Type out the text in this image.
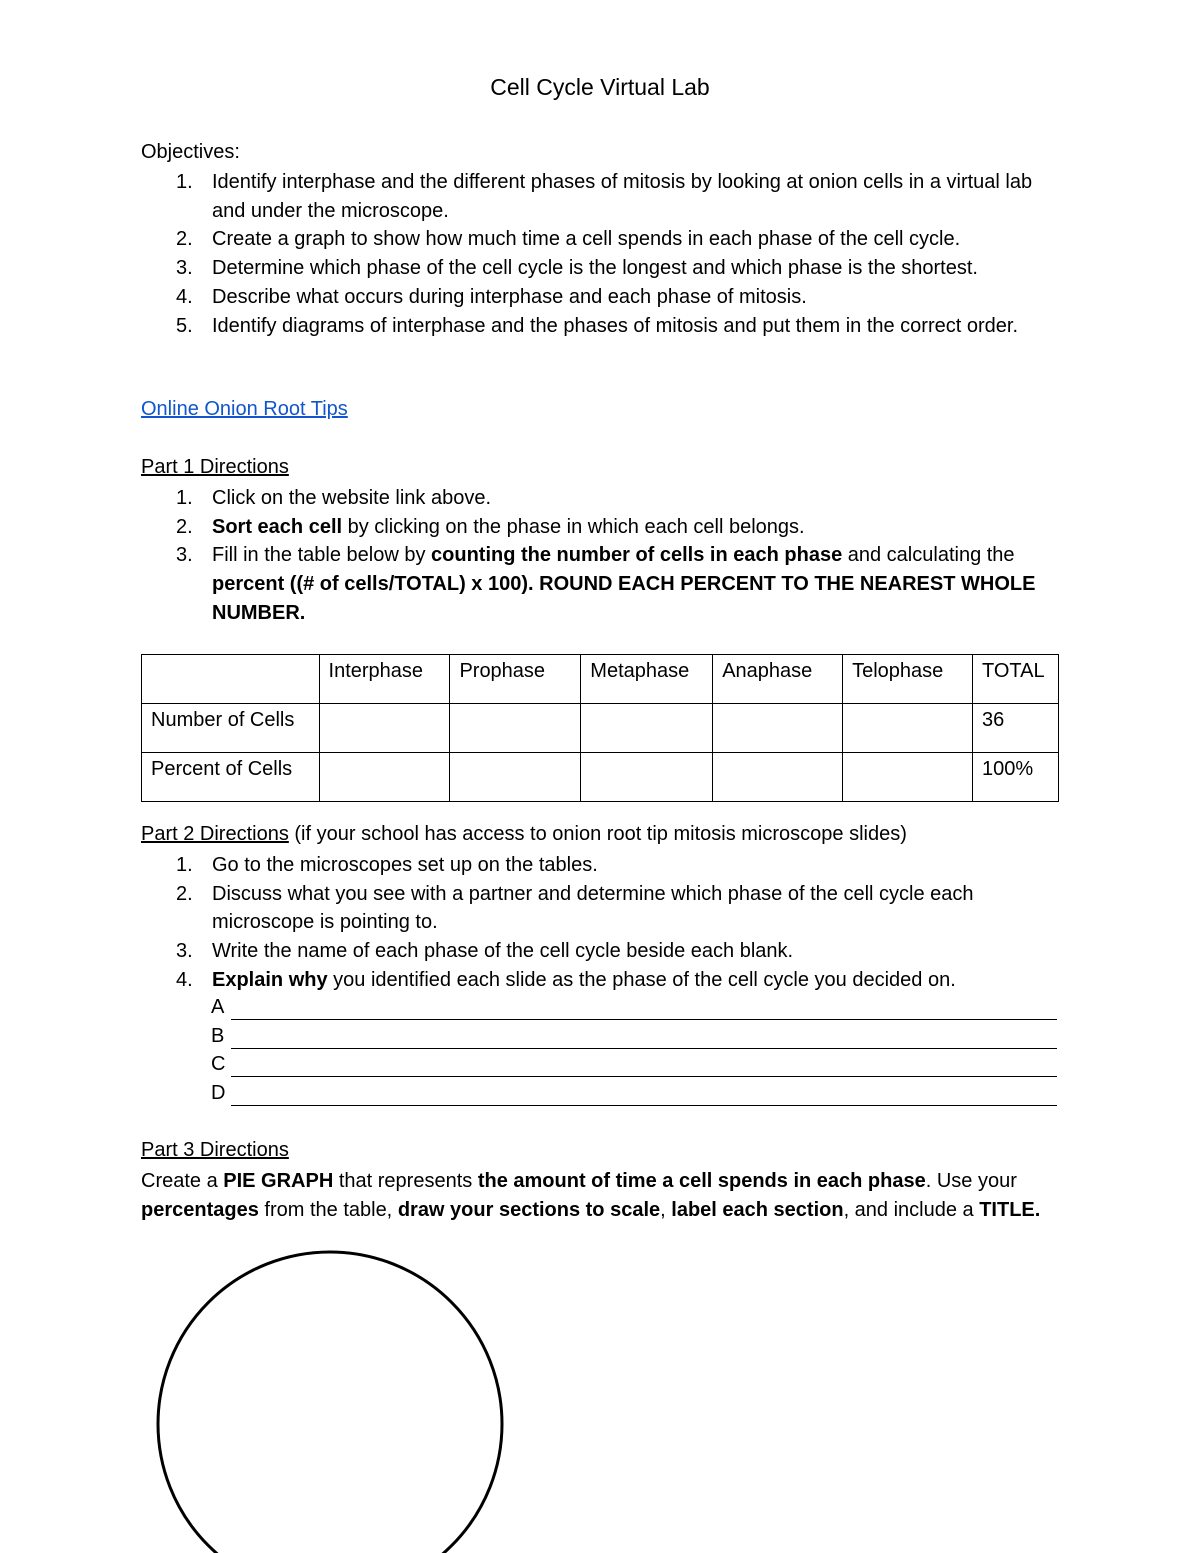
Cell Cycle Virtual Lab
Objectives:
1. Identify interphase and the different phases of mitosis by looking at onion cells in a virtual lab and under the microscope.
2. Create a graph to show how much time a cell spends in each phase of the cell cycle.
3. Determine which phase of the cell cycle is the longest and which phase is the shortest.
4. Describe what occurs during interphase and each phase of mitosis.
5. Identify diagrams of interphase and the phases of mitosis and put them in the correct order.
Online Onion Root Tips
Part 1 Directions
1. Click on the website link above.
2. Sort each cell by clicking on the phase in which each cell belongs.
3. Fill in the table below by counting the number of cells in each phase and calculating the percent ((# of cells/TOTAL) x 100). ROUND EACH PERCENT TO THE NEAREST WHOLE NUMBER.
	Interphase	Prophase	Metaphase	Anaphase	Telophase	TOTAL
Number of Cells						36
Percent of Cells						100%
Part 2 Directions (if your school has access to onion root tip mitosis microscope slides)
1. Go to the microscopes set up on the tables.
2. Discuss what you see with a partner and determine which phase of the cell cycle each microscope is pointing to.
3. Write the name of each phase of the cell cycle beside each blank.
4. Explain why you identified each slide as the phase of the cell cycle you decided on.
A
B
C
D
Part 3 Directions
Create a PIE GRAPH that represents the amount of time a cell spends in each phase. Use your percentages from the table, draw your sections to scale, label each section, and include a TITLE.
